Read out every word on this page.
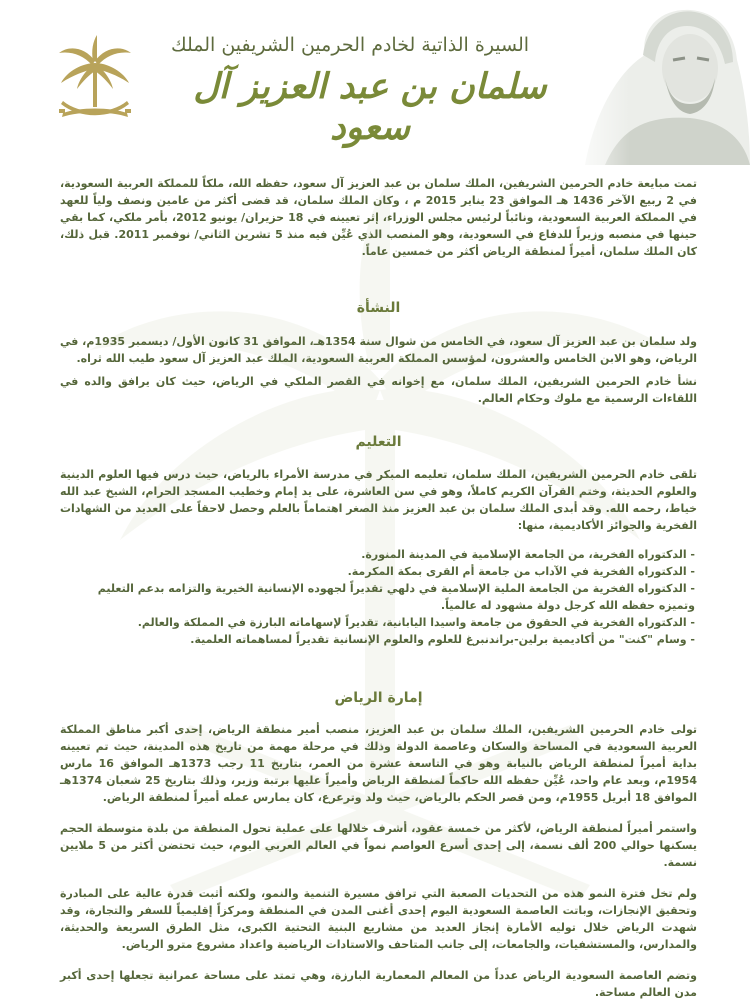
السيرة الذاتية لخادم الحرمين الشريفين الملك
سلمان بن عبد العزيز آل سعود

تمت مبايعة خادم الحرمين الشريفين، الملك سلمان بن عبد العزيز آل سعود، حفظه الله، ملكاً للمملكة العربية السعودية، في 2 ربيع الآخر 1436 هـ الموافق 23 يناير 2015 م ، وكان الملك سلمان، قد قضى أكثر من عامين ونصف ولياً للعهد في المملكة العربية السعودية، ونائباً لرئيس مجلس الوزراء، إثر تعيينه في 18 حزيران/ يونيو 2012، بأمر ملكي، كما بقي حينها في منصبه وزيراً للدفاع في السعودية، وهو المنصب الذي عُيِّن فيه منذ 5 تشرين الثاني/ نوفمبر 2011. قبل ذلك، كان الملك سلمان، أميراً لمنطقة الرياض أكثر من خمسين عاماً.

النشأة

ولد سلمان بن عبد العزيز آل سعود، في الخامس من شوال سنة 1354هـ، الموافق 31 كانون الأول/ ديسمبر 1935م، في الرياض، وهو الابن الخامس والعشرون، لمؤسس المملكة العربية السعودية، الملك عبد العزيز آل سعود طيب الله ثراه.

نشأ خادم الحرمين الشريفين، الملك سلمان، مع إخوانه في القصر الملكي في الرياض، حيث كان يرافق والده في اللقاءات الرسمية مع ملوك وحكام العالم.

التعليم

تلقى خادم الحرمين الشريفين، الملك سلمان، تعليمه المبكر في مدرسة الأمراء بالرياض، حيث درس فيها العلوم الدينية والعلوم الحديثة، وختم القرآن الكريم كاملاً، وهو في سن العاشرة، على يد إمام وخطيب المسجد الحرام، الشيخ عبد الله خياط، رحمه الله. وقد أبدى الملك سلمان بن عبد العزيز منذ الصغر اهتماماً بالعلم وحصل لاحقاً على العديد من الشهادات الفخرية والجوائز الأكاديمية، منها:

- الدكتوراه الفخرية، من الجامعة الإسلامية في المدينة المنورة.
- الدكتوراه الفخرية في الآداب من جامعة أم القرى بمكة المكرمة.
- الدكتوراه الفخرية من الجامعة الملية الإسلامية في دلهي تقديراً لجهوده الإنسانية الخيرية والتزامه بدعم التعليم وتميزه حفظه الله كرجل دولة مشهود له عالمياً.
- الدكتوراه الفخرية في الحقوق من جامعة واسيدا اليابانية، تقديراً لإسهاماته البارزة في المملكة والعالم.
- وسام "كنت" من أكاديمية برلين-براندنبرغ للعلوم والعلوم الإنسانية تقديراً لمساهماته العلمية.
إمارة الرياض

تولى خادم الحرمين الشريفين، الملك سلمان بن عبد العزيز، منصب أمير منطقة الرياض، إحدى أكبر مناطق المملكة العربية السعودية في المساحة والسكان وعاصمة الدولة وذلك في مرحلة مهمة من تاريخ هذه المدينة، حيث تم تعيينه بداية أميراً لمنطقة الرياض بالنيابة وهو في التاسعة عشرة من العمر، بتاريخ 11 رجب 1373هـ الموافق 16 مارس 1954م، وبعد عام واحد، عُيِّن حفظه الله حاكماً لمنطقة الرياض وأميراً عليها برتبة وزير، وذلك بتاريخ 25 شعبان 1374هـ الموافق 18 أبريل 1955م، ومن قصر الحكم بالرياض، حيث ولد وترعرع، كان يمارس عمله أميراً لمنطقة الرياض.

واستمر أميراً لمنطقة الرياض، لأكثر من خمسة عقود، أشرف خلالها على عملية تحول المنطقة من بلدة متوسطة الحجم يسكنها حوالي 200 ألف نسمة، إلى إحدى أسرع العواصم نمواً في العالم العربي اليوم، حيث تحتضن أكثر من 5 ملايين نسمة.

ولم تخل فترة النمو هذه من التحديات الصعبة التي ترافق مسيرة التنمية والنمو، ولكنه أثبت قدرة عالية على المبادرة وتحقيق الإنجازات، وباتت العاصمة السعودية اليوم إحدى أغنى المدن في المنطقة ومركزاً إقليمياً للسفر والتجارة، وقد شهدت الرياض خلال توليه الأمارة إنجاز العديد من مشاريع البنية التحتية الكبرى، مثل الطرق السريعة والحديثة، والمدارس، والمستشفيات، والجامعات، إلى جانب المتاحف والاستادات الرياضية واعداد مشروع مترو الرياض.

وتضم العاصمة السعودية الرياض عدداً من المعالم المعمارية البارزة، وهي تمتد على مساحة عمرانية تجعلها إحدى أكبر مدن العالم مساحة.
